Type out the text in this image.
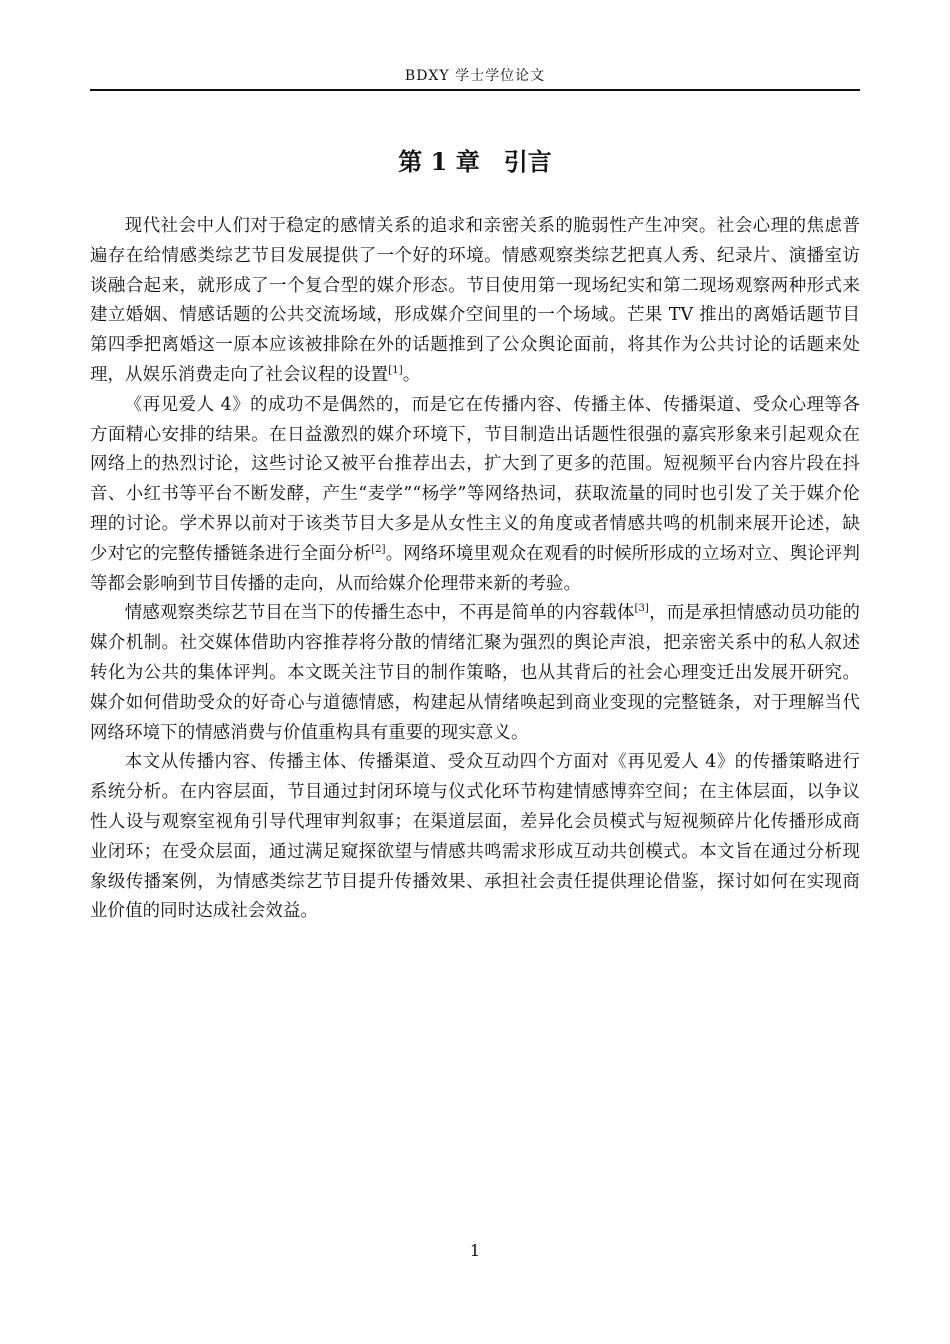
BDXY 学士学位论文
第 1 章 引言

现代社会中人们对于稳定的感情关系的追求和亲密关系的脆弱性产生冲突。社会心理的焦虑普遍存在给情感类综艺节目发展提供了一个好的环境。情感观察类综艺把真人秀、纪录片、演播室访谈融合起来，就形成了一个复合型的媒介形态。节目使用第一现场纪实和第二现场观察两种形式来建立婚姻、情感话题的公共交流场域，形成媒介空间里的一个场域。芒果 TV 推出的离婚话题节目第四季把离婚这一原本应该被排除在外的话题推到了公众舆论面前，将其作为公共讨论的话题来处理，从娱乐消费走向了社会议程的设置[1]。

《再见爱人 4》的成功不是偶然的，而是它在传播内容、传播主体、传播渠道、受众心理等各方面精心安排的结果。在日益激烈的媒介环境下，节目制造出话题性很强的嘉宾形象来引起观众在网络上的热烈讨论，这些讨论又被平台推荐出去，扩大到了更多的范围。短视频平台内容片段在抖音、小红书等平台不断发酵，产生“麦学”“杨学”等网络热词，获取流量的同时也引发了关于媒介伦理的讨论。学术界以前对于该类节目大多是从女性主义的角度或者情感共鸣的机制来展开论述，缺少对它的完整传播链条进行全面分析[2]。网络环境里观众在观看的时候所形成的立场对立、舆论评判等都会影响到节目传播的走向，从而给媒介伦理带来新的考验。

情感观察类综艺节目在当下的传播生态中，不再是简单的内容载体[3]，而是承担情感动员功能的媒介机制。社交媒体借助内容推荐将分散的情绪汇聚为强烈的舆论声浪，把亲密关系中的私人叙述转化为公共的集体评判。本文既关注节目的制作策略，也从其背后的社会心理变迁出发展开研究。媒介如何借助受众的好奇心与道德情感，构建起从情绪唤起到商业变现的完整链条，对于理解当代网络环境下的情感消费与价值重构具有重要的现实意义。

本文从传播内容、传播主体、传播渠道、受众互动四个方面对《再见爱人 4》的传播策略进行系统分析。在内容层面，节目通过封闭环境与仪式化环节构建情感博弈空间；在主体层面，以争议性人设与观察室视角引导代理审判叙事；在渠道层面，差异化会员模式与短视频碎片化传播形成商业闭环；在受众层面，通过满足窥探欲望与情感共鸣需求形成互动共创模式。本文旨在通过分析现象级传播案例，为情感类综艺节目提升传播效果、承担社会责任提供理论借鉴，探讨如何在实现商业价值的同时达成社会效益。

1
